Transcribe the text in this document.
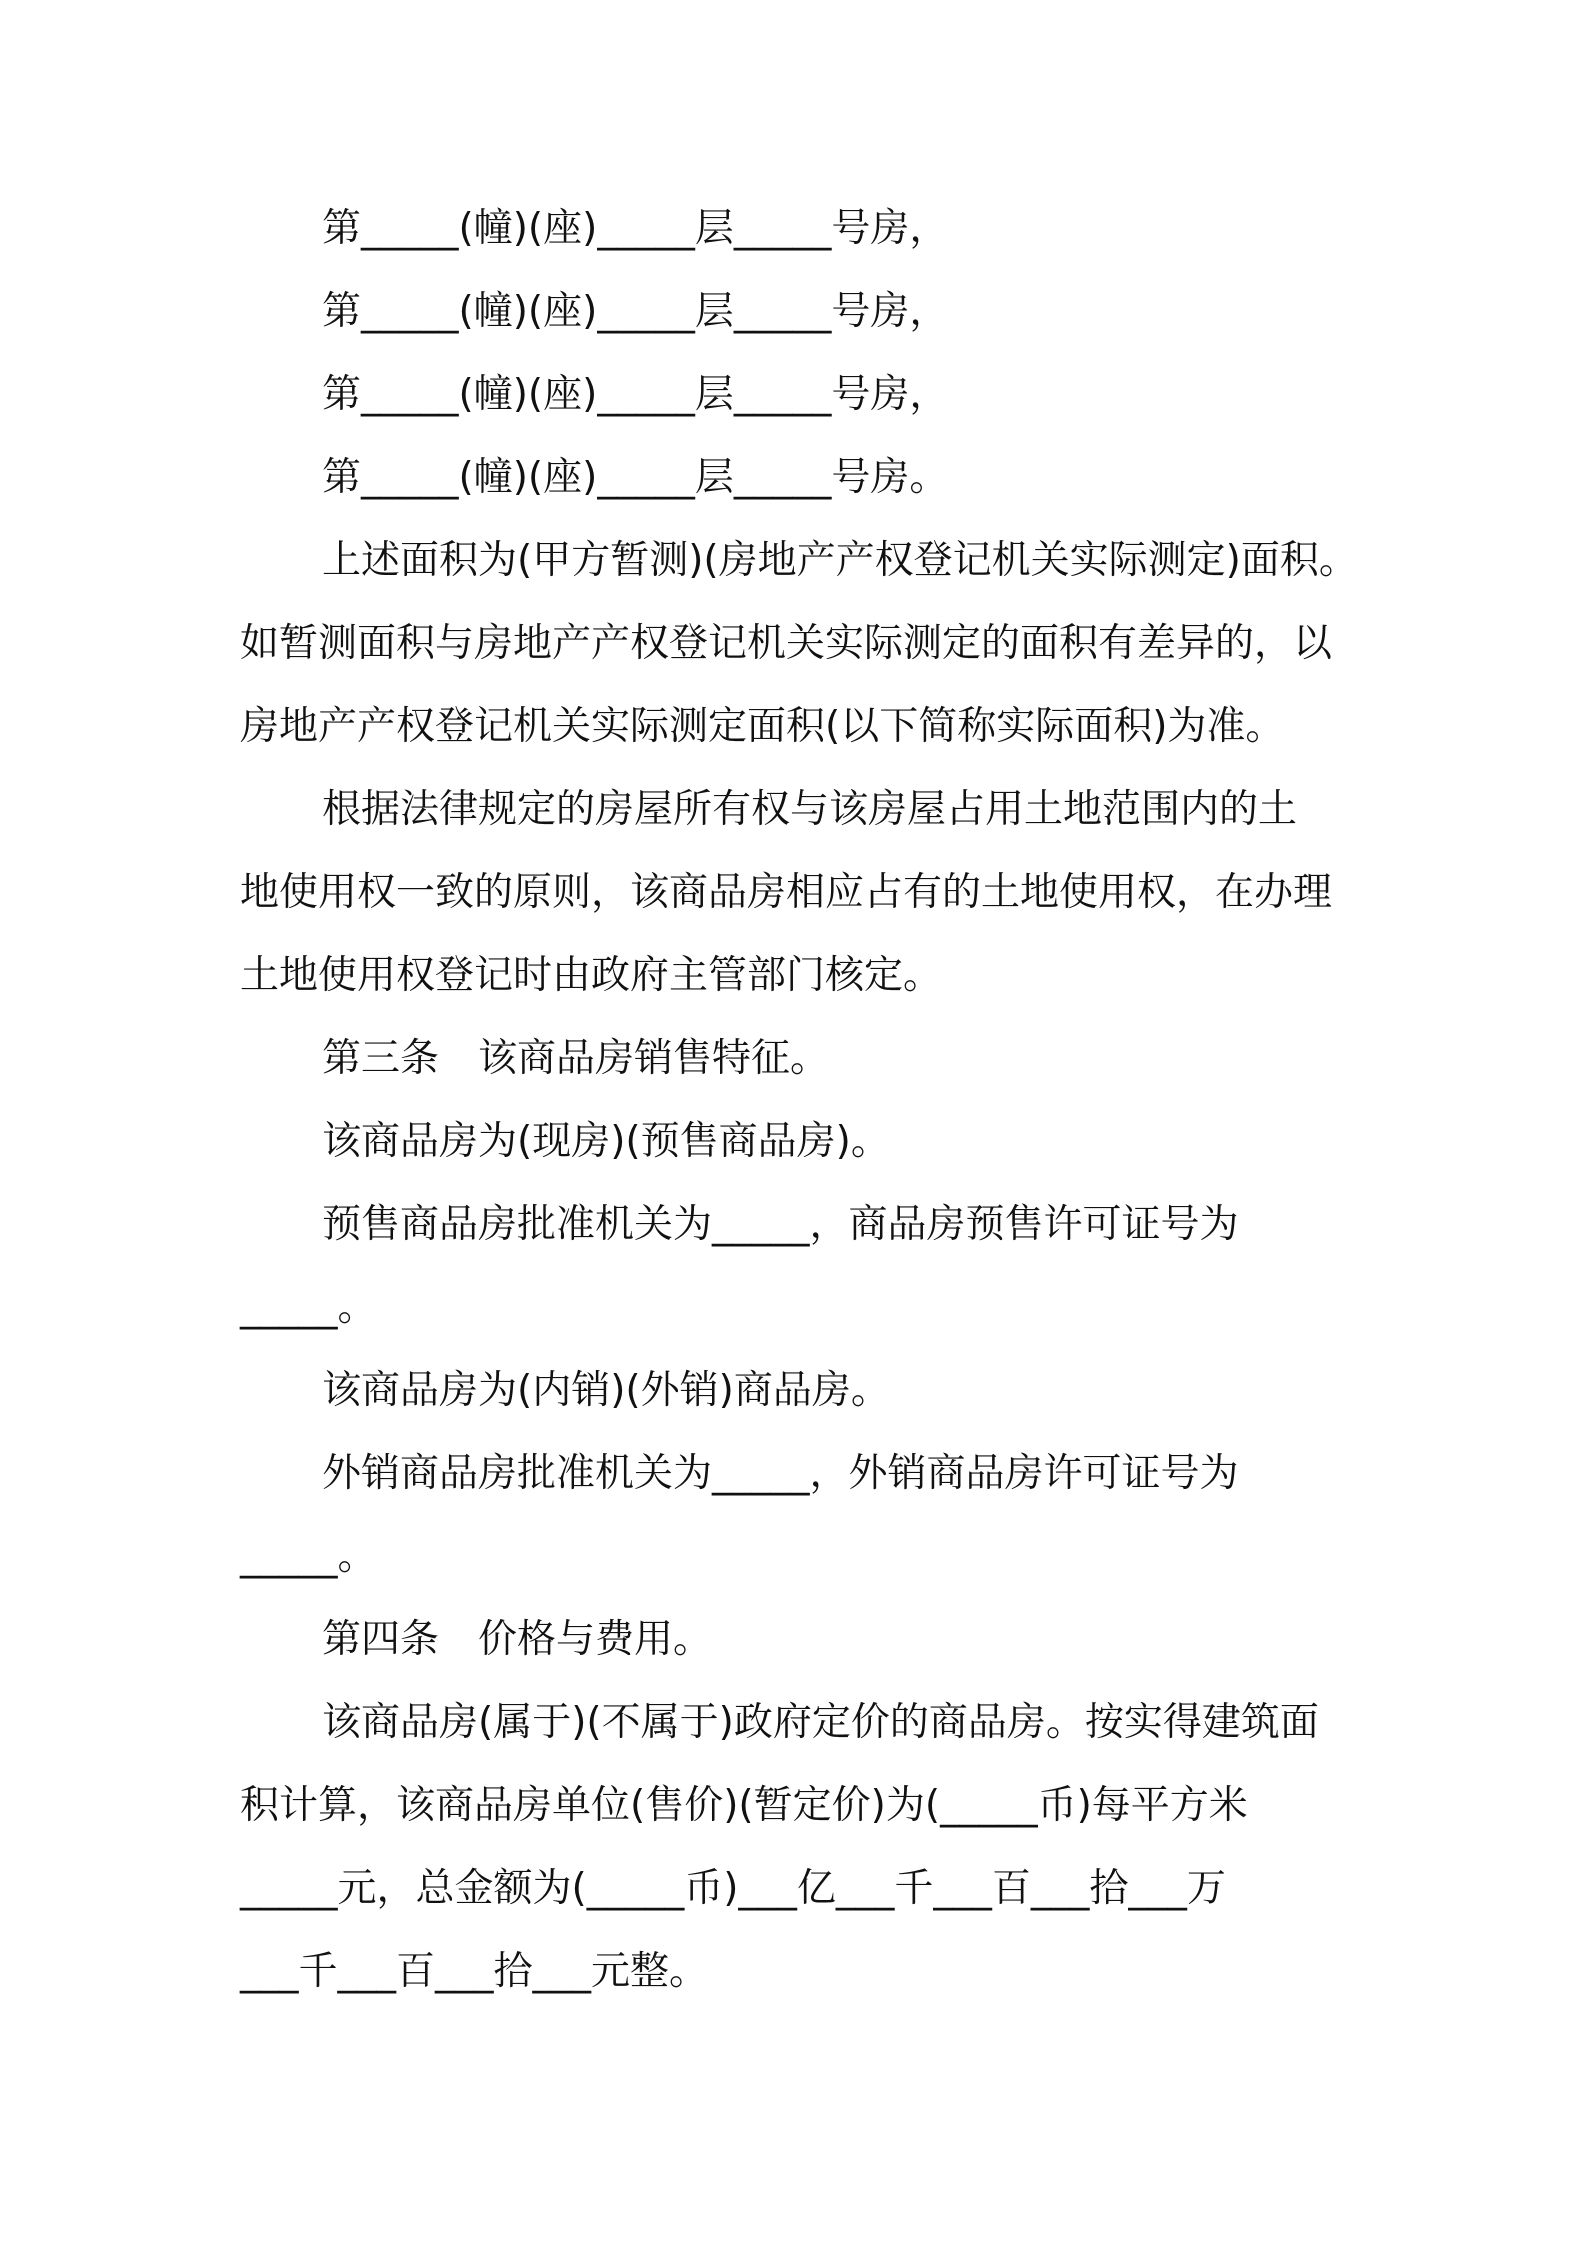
第_____(幢)(座)_____层_____号房，
第_____(幢)(座)_____层_____号房，
第_____(幢)(座)_____层_____号房，
第_____(幢)(座)_____层_____号房。
上述面积为(甲方暂测)(房地产产权登记机关实际测定)面积。
如暂测面积与房地产产权登记机关实际测定的面积有差异的，以
房地产产权登记机关实际测定面积(以下简称实际面积)为准。
根据法律规定的房屋所有权与该房屋占用土地范围内的土
地使用权一致的原则，该商品房相应占有的土地使用权，在办理
土地使用权登记时由政府主管部门核定。
第三条　该商品房销售特征。
该商品房为(现房)(预售商品房)。
预售商品房批准机关为_____，商品房预售许可证号为
_____。
该商品房为(内销)(外销)商品房。
外销商品房批准机关为_____，外销商品房许可证号为
_____。
第四条　价格与费用。
该商品房(属于)(不属于)政府定价的商品房。按实得建筑面
积计算，该商品房单位(售价)(暂定价)为(_____币)每平方米
_____元，总金额为(_____币)___亿___千___百___拾___万
___千___百___拾___元整。
